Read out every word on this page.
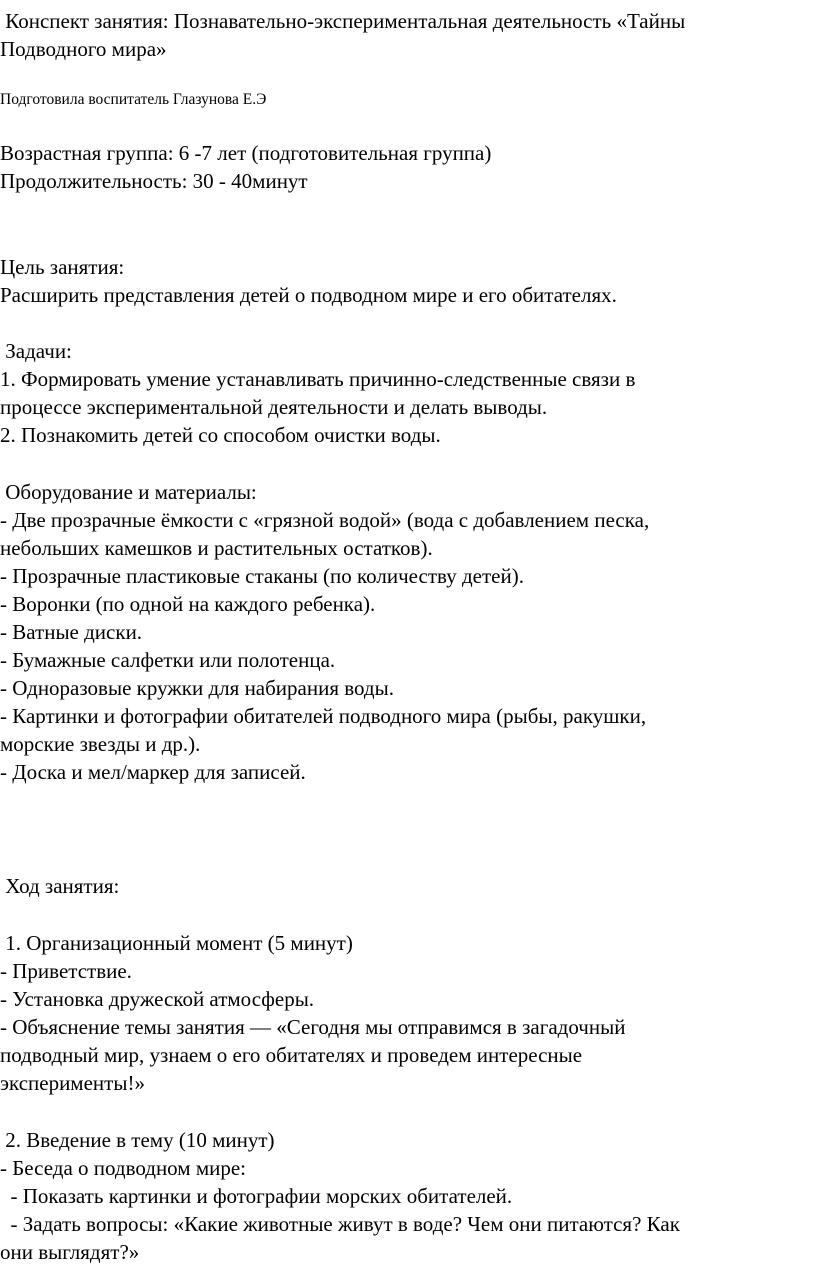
Конспект занятия: Познавательно-экспериментальная деятельность «Тайны
Подводного мира»
Подготовила воспитатель Глазунова Е.Э
Возрастная группа: 6 -7 лет (подготовительная группа)
Продолжительность: 30 - 40минут
Цель занятия:
Расширить представления детей о подводном мире и его обитателях.
Задачи:
1. Формировать умение устанавливать причинно-следственные связи в
процессе экспериментальной деятельности и делать выводы.
2. Познакомить детей со способом очистки воды.
Оборудование и материалы:
- Две прозрачные ёмкости с «грязной водой» (вода с добавлением песка,
небольших камешков и растительных остатков).
- Прозрачные пластиковые стаканы (по количеству детей).
- Воронки (по одной на каждого ребенка).
- Ватные диски.
- Бумажные салфетки или полотенца.
- Одноразовые кружки для набирания воды.
- Картинки и фотографии обитателей подводного мира (рыбы, ракушки,
морские звезды и др.).
- Доска и мел/маркер для записей.
Ход занятия:
1. Организационный момент (5 минут)
- Приветствие.
- Установка дружеской атмосферы.
- Объяснение темы занятия — «Сегодня мы отправимся в загадочный
подводный мир, узнаем о его обитателях и проведем интересные
эксперименты!»
2. Введение в тему (10 минут)
- Беседа о подводном мире:
- Показать картинки и фотографии морских обитателей.
- Задать вопросы: «Какие животные живут в воде? Чем они питаются? Как
они выглядят?»
